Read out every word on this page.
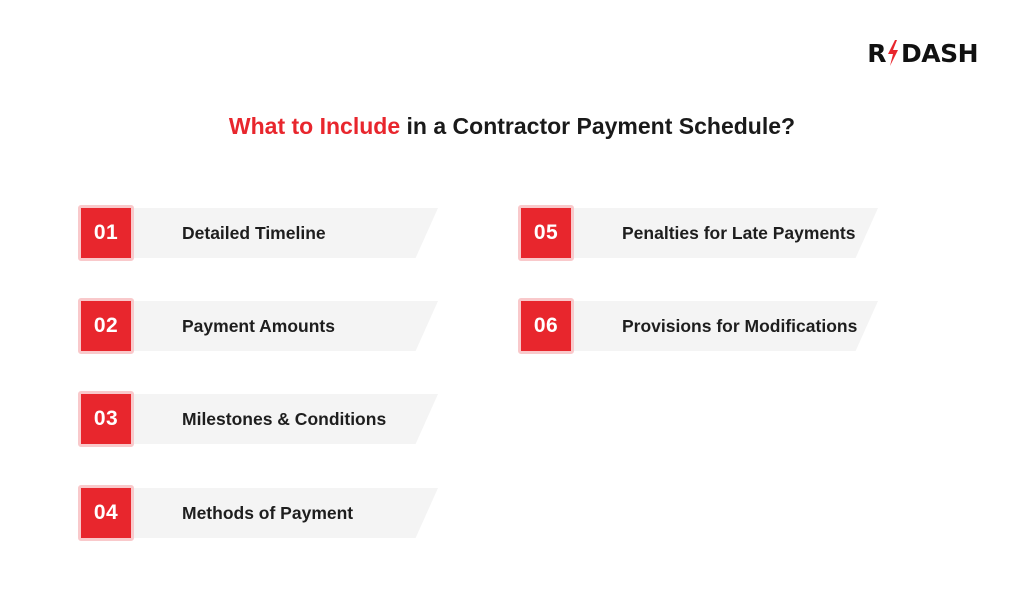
R DASH
What to Include in a Contractor Payment Schedule?
01	Detailed Timeline
02	Payment Amounts
03	Milestones & Conditions
04	Methods of Payment
05	Penalties for Late Payments
06	Provisions for Modifications
